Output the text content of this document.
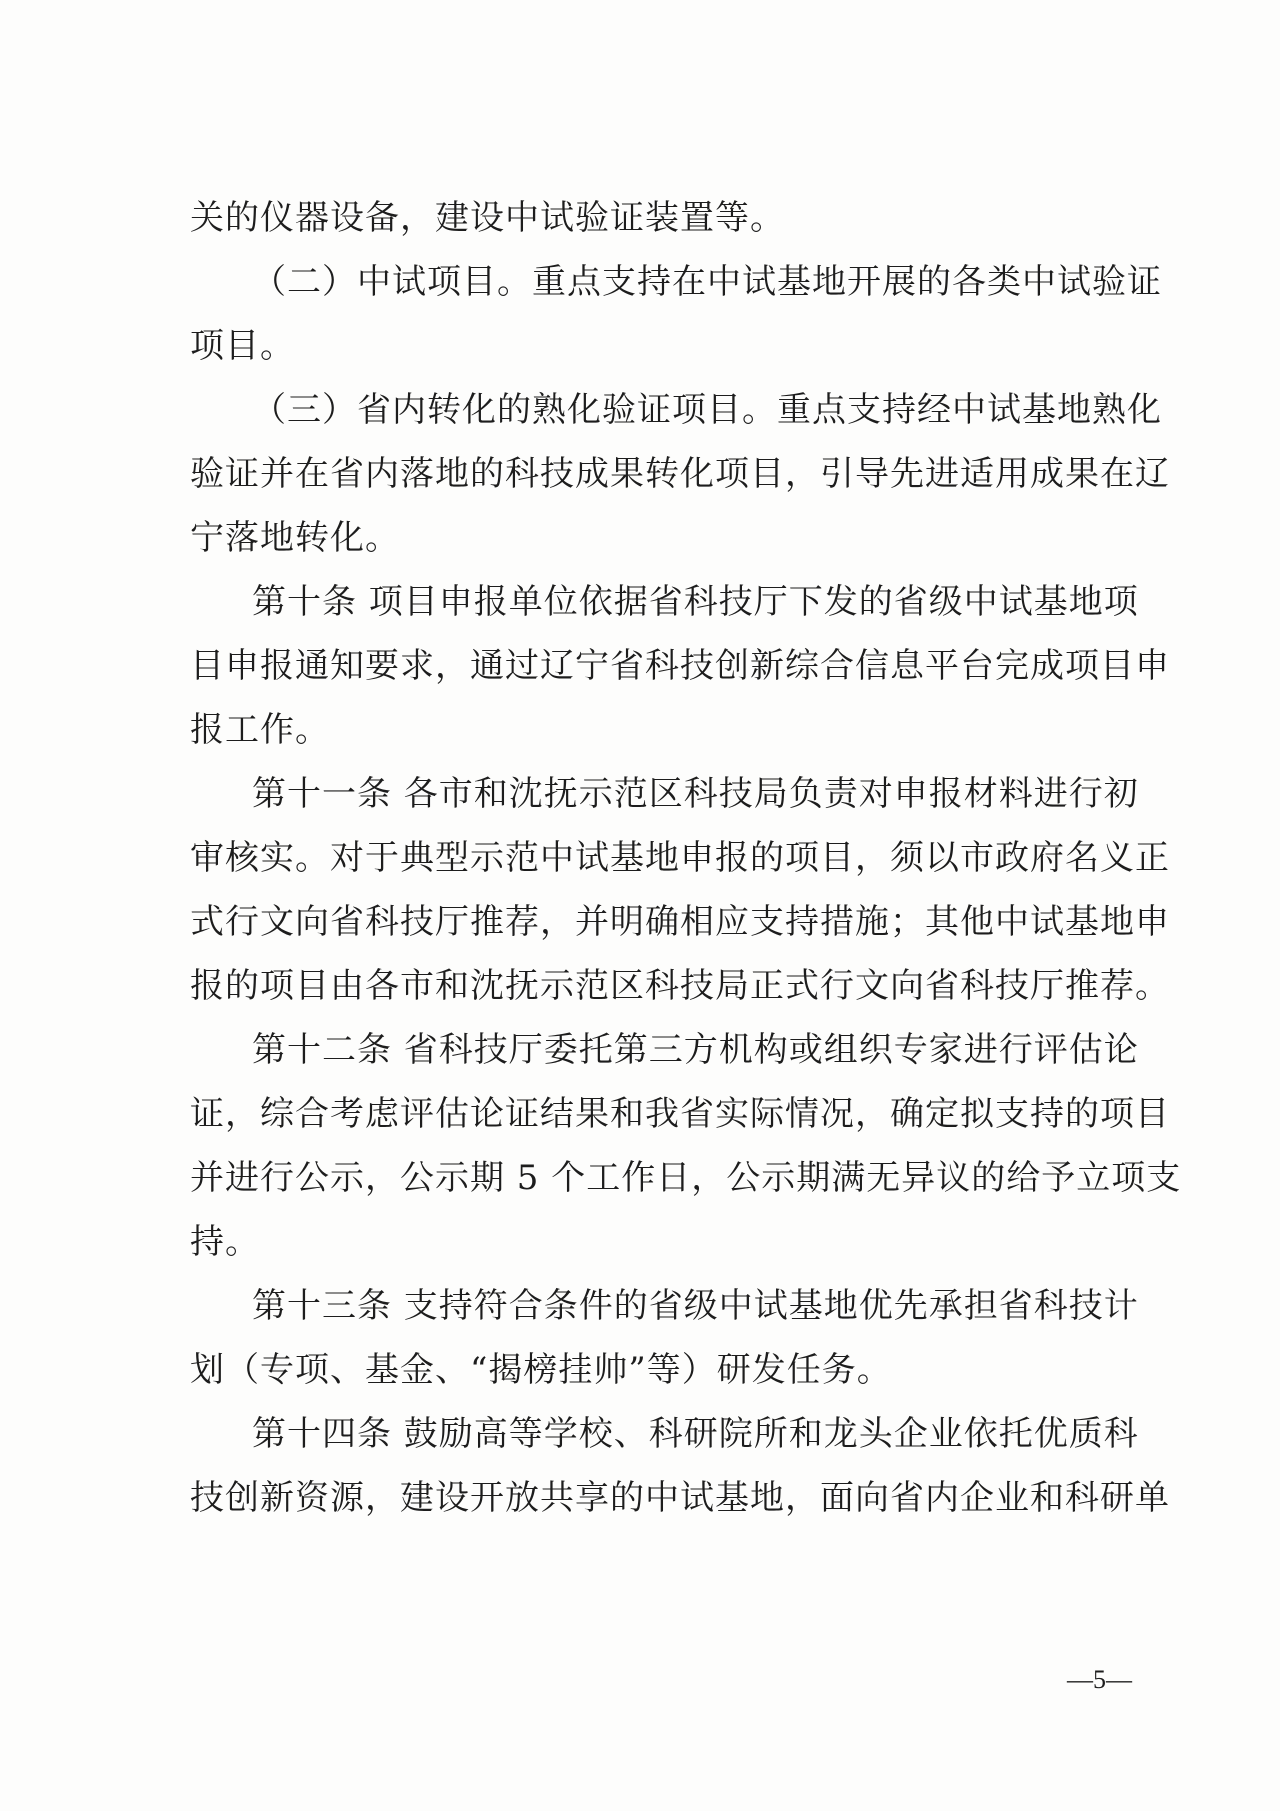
关的仪器设备，建设中试验证装置等。
（二）中试项目。重点支持在中试基地开展的各类中试验证
项目。
（三）省内转化的熟化验证项目。重点支持经中试基地熟化
验证并在省内落地的科技成果转化项目，引导先进适用成果在辽
宁落地转化。
第十条 项目申报单位依据省科技厅下发的省级中试基地项
目申报通知要求，通过辽宁省科技创新综合信息平台完成项目申
报工作。
第十一条 各市和沈抚示范区科技局负责对申报材料进行初
审核实。对于典型示范中试基地申报的项目，须以市政府名义正
式行文向省科技厅推荐，并明确相应支持措施；其他中试基地申
报的项目由各市和沈抚示范区科技局正式行文向省科技厅推荐。
第十二条 省科技厅委托第三方机构或组织专家进行评估论
证，综合考虑评估论证结果和我省实际情况，确定拟支持的项目
并进行公示，公示期 5 个工作日，公示期满无异议的给予立项支
持。
第十三条 支持符合条件的省级中试基地优先承担省科技计
划（专项、基金、“揭榜挂帅”等）研发任务。
第十四条 鼓励高等学校、科研院所和龙头企业依托优质科
技创新资源，建设开放共享的中试基地，面向省内企业和科研单
—5—
